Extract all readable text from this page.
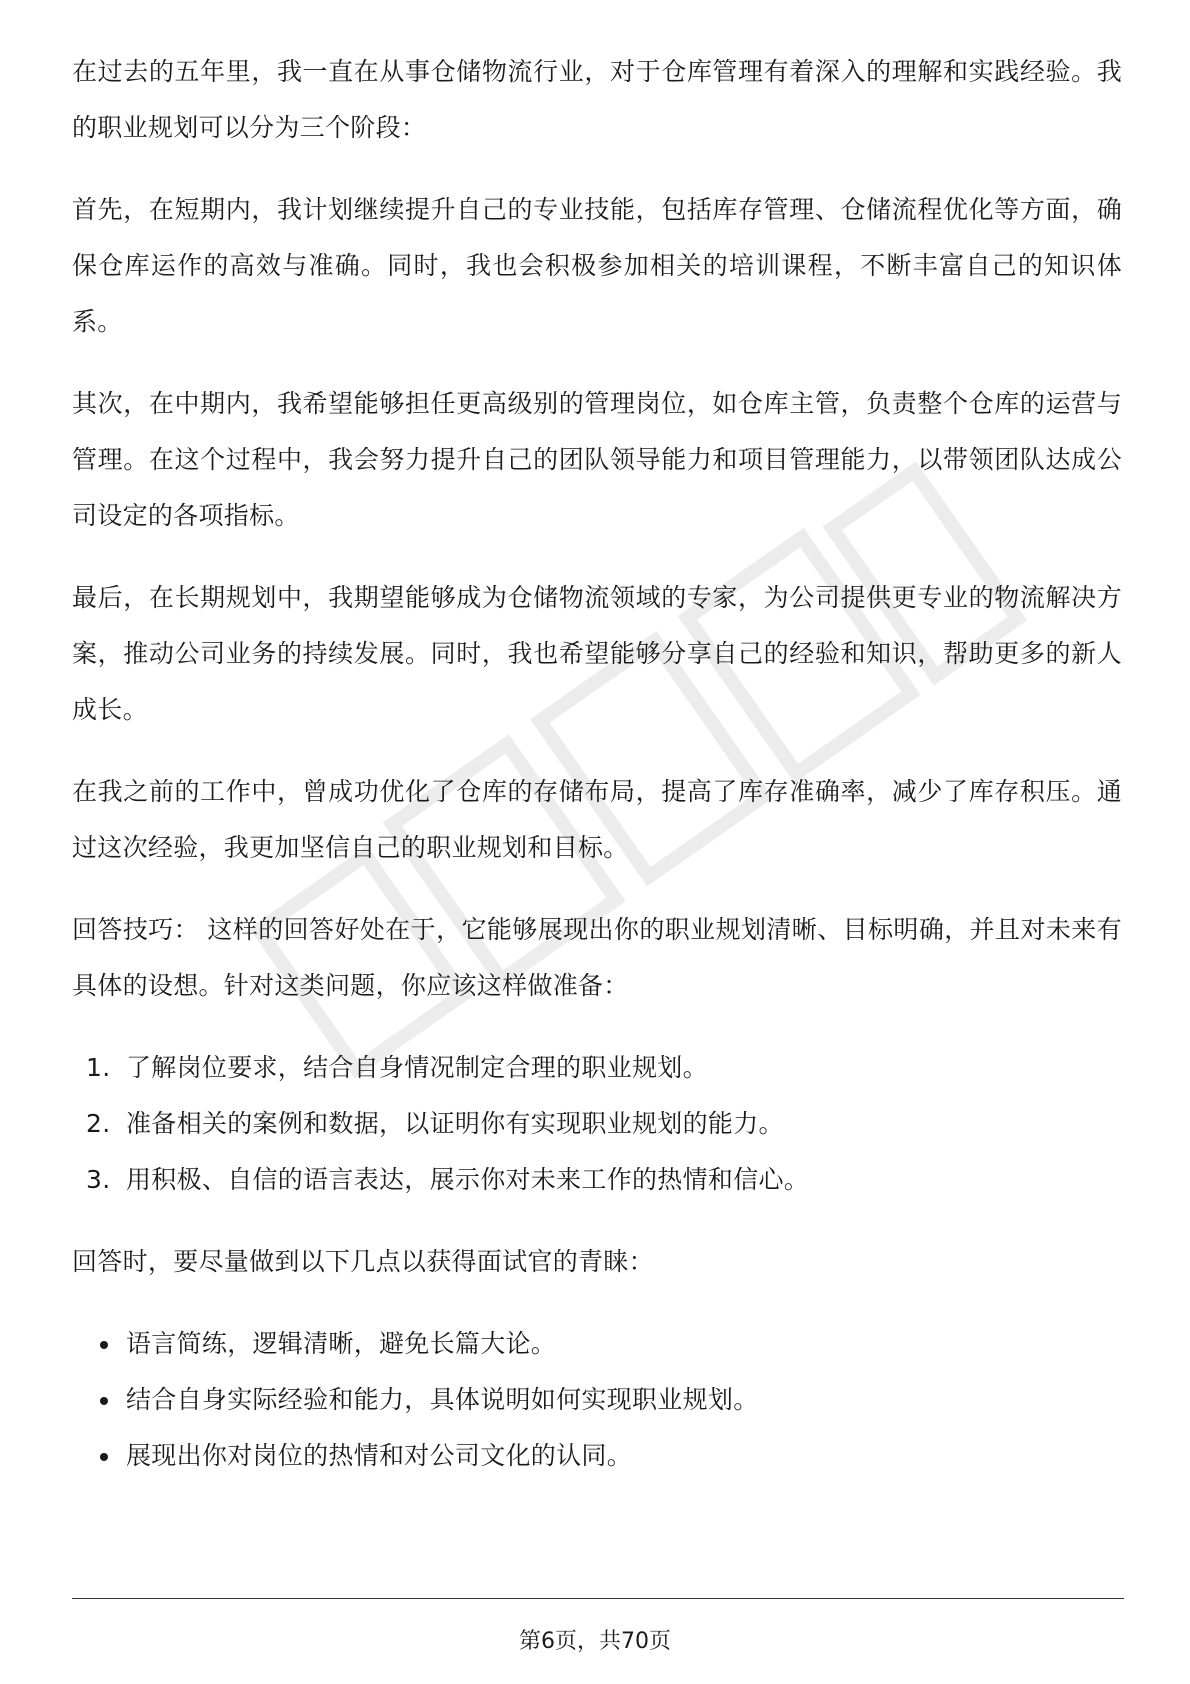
在过去的五年里，我一直在从事仓储物流行业，对于仓库管理有着深入的理解和实践经验。我的职业规划可以分为三个阶段：

首先，在短期内，我计划继续提升自己的专业技能，包括库存管理、仓储流程优化等方面，确保仓库运作的高效与准确。同时，我也会积极参加相关的培训课程，不断丰富自己的知识体系。

其次，在中期内，我希望能够担任更高级别的管理岗位，如仓库主管，负责整个仓库的运营与管理。在这个过程中，我会努力提升自己的团队领导能力和项目管理能力，以带领团队达成公司设定的各项指标。

最后，在长期规划中，我期望能够成为仓储物流领域的专家，为公司提供更专业的物流解决方案，推动公司业务的持续发展。同时，我也希望能够分享自己的经验和知识，帮助更多的新人成长。

在我之前的工作中，曾成功优化了仓库的存储布局，提高了库存准确率，减少了库存积压。通过这次经验，我更加坚信自己的职业规划和目标。

回答技巧： 这样的回答好处在于，它能够展现出你的职业规划清晰、目标明确，并且对未来有具体的设想。针对这类问题，你应该这样做准备：

1. 了解岗位要求，结合自身情况制定合理的职业规划。
2. 准备相关的案例和数据，以证明你有实现职业规划的能力。
3. 用积极、自信的语言表达，展示你对未来工作的热情和信心。

回答时，要尽量做到以下几点以获得面试官的青睐：

语言简练，逻辑清晰，避免长篇大论。
结合自身实际经验和能力，具体说明如何实现职业规划。
展现出你对岗位的热情和对公司文化的认同。
第6页，共70页
